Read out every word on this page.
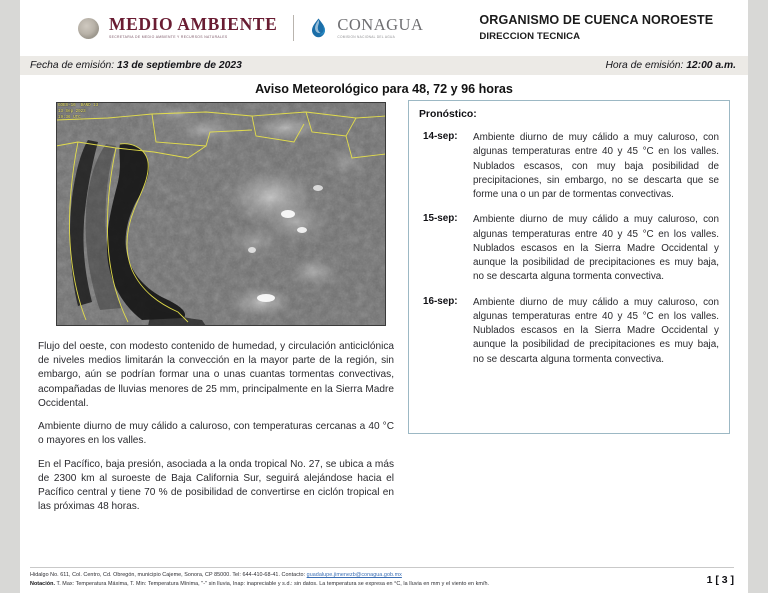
MEDIO AMBIENTE
SECRETARIA DE MEDIO AMBIENTE Y RECURSOS NATURALES
CONAGUA
COMISION NACIONAL DEL AGUA
ORGANISMO DE CUENCA NOROESTE
DIRECCION TECNICA
Fecha de emisión: 13 de septiembre de 2023	Hora de emisión: 12:00 a.m.
Aviso Meteorológico para 48, 72 y 96 horas
GOES-16  BAND 13
13 Sep 2023
19:36 UTC

Flujo del oeste, con modesto contenido de humedad, y circulación anticiclónica de niveles medios limitarán la convección en la mayor parte de la región, sin embargo, aún se podrían formar una o unas cuantas tormentas convectivas, acompañadas de lluvias menores de 25 mm, principalmente en la Sierra Madre Occidental.

Ambiente diurno de muy cálido a caluroso, con temperaturas cercanas a 40 °C o mayores en los valles.

En el Pacífico, baja presión, asociada a la onda tropical No. 27, se ubica a más de 2300 km al suroeste de Baja California Sur, seguirá alejándose hacia el Pacífico central y tiene 70 % de posibilidad de convertirse en ciclón tropical en las próximas 48 horas.

Pronóstico:
14-sep:	Ambiente diurno de muy cálido a muy caluroso, con algunas temperaturas entre 40 y 45 °C en los valles. Nublados escasos, con muy baja posibilidad de precipitaciones, sin embargo, no se descarta que se forme una o un par de tormentas convectivas.
15-sep:	Ambiente diurno de muy cálido a muy caluroso, con algunas temperaturas entre 40 y 45 °C en los valles. Nublados escasos en la Sierra Madre Occidental y aunque la posibilidad de precipitaciones es muy baja, no se descarta alguna tormenta convectiva.
16-sep:	Ambiente diurno de muy cálido a muy caluroso, con algunas temperaturas entre 40 y 45 °C en los valles. Nublados escasos en la Sierra Madre Occidental y aunque la posibilidad de precipitaciones es muy baja, no se descarta alguna tormenta convectiva.
Hidalgo No. 611, Col. Centro, Cd. Obregón, municipio Cajeme, Sonora, CP 85000. Tel: 644-410-68-41. Contacto: guadalupe.jimenezb@conagua.gob.mx
Notación. T. Max: Temperatura Máxima, T. Min: Temperatura Mínima, "-" sin lluvia, Inap: inapreciable y s.d.: sin datos. La temperatura se expresa en °C, la lluvia en mm y el viento en km/h.	1 [ 3 ]
